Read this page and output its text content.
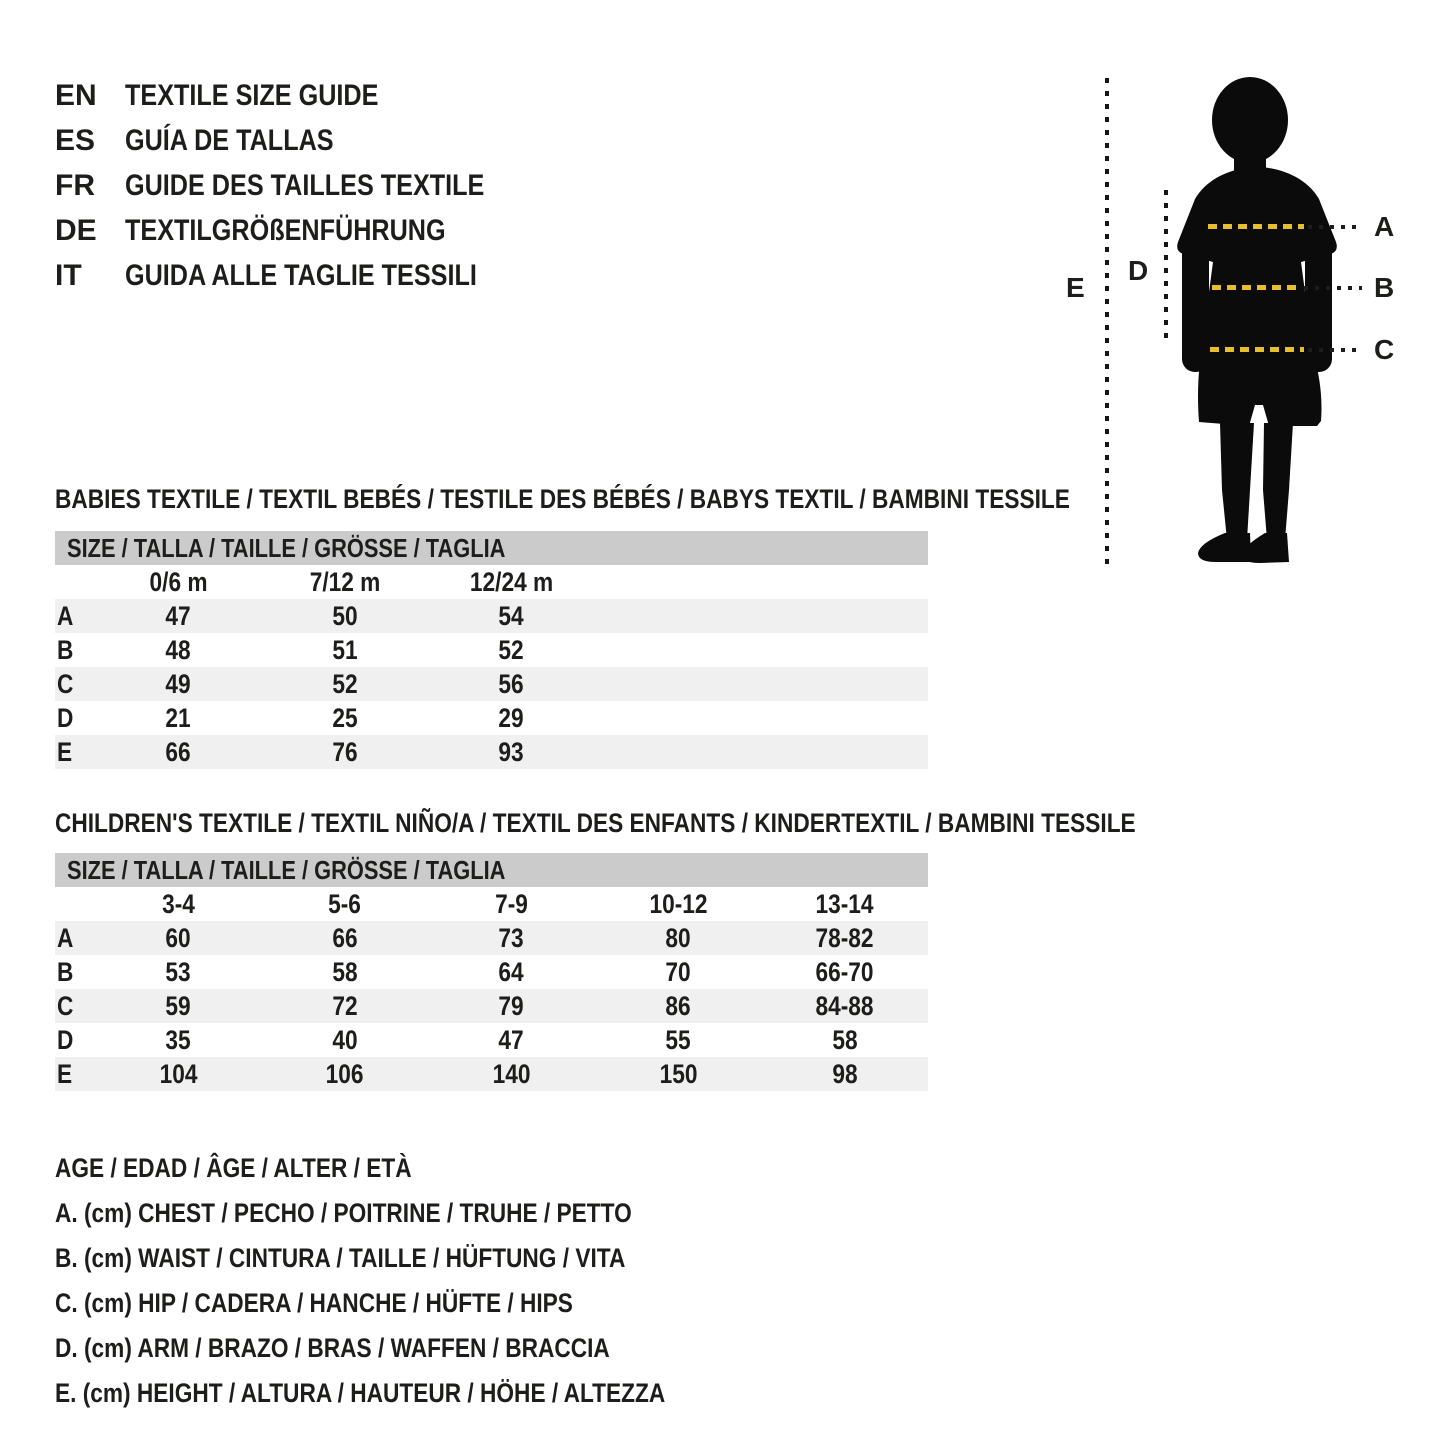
EN TEXTILE SIZE GUIDE
ES GUÍA DE TALLAS
FR	GUIDE DES TAILLES TEXTILE
DE TEXTILGRÖßENFÜHRUNG
IT	GUIDA ALLE TAGLIE TESSILI
A
B
C
D
E
BABIES TEXTILE / TEXTIL BEBÉS / TESTILE DES BÉBÉS / BABYS TEXTIL / BAMBINI TESSILE
SIZE / TALLA / TAILLE / GRÖSSE / TAGLIA
0/6 m	7/12 m	12/24 m
A	47	50	54
B	48	51	52
C	49	52	56
D	21	25	29
E	66	76	93
CHILDREN'S TEXTILE / TEXTIL NIÑO/A / TEXTIL DES ENFANTS / KINDERTEXTIL / BAMBINI TESSILE
SIZE / TALLA / TAILLE / GRÖSSE / TAGLIA
3-4	5-6	7-9	10-12	13-14
A	60	66	73	80	78-82
B	53	58	64	70	66-70
C	59	72	79	86	84-88
D	35	40	47	55	58
E	104	106	140	150	98
AGE / EDAD / ÂGE / ALTER / ETÀ
A. (cm) CHEST / PECHO / POITRINE / TRUHE / PETTO
B. (cm) WAIST / CINTURA / TAILLE / HÜFTUNG / VITA
C. (cm) HIP / CADERA / HANCHE / HÜFTE / HIPS
D. (cm) ARM / BRAZO / BRAS / WAFFEN / BRACCIA
E. (cm) HEIGHT / ALTURA / HAUTEUR / HÖHE / ALTEZZA
